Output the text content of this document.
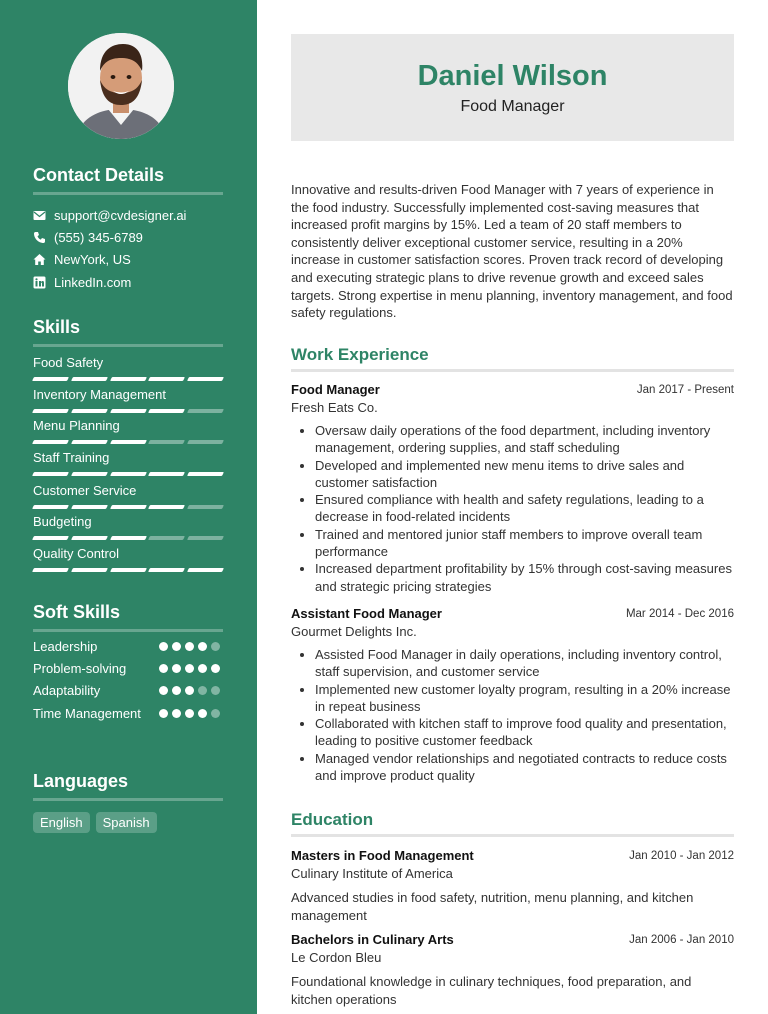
Contact Details
support@cvdesigner.ai
(555) 345-6789
NewYork, US
LinkedIn.com
Skills
Food Safety
Inventory Management
Menu Planning
Staff Training
Customer Service
Budgeting
Quality Control
Soft Skills
Leadership
Problem-solving
Adaptability
Time Management
Languages
English	Spanish
Daniel Wilson
Food Manager
Innovative and results-driven Food Manager with 7 years of experience in the food industry. Successfully implemented cost-saving measures that increased profit margins by 15%. Led a team of 20 staff members to consistently deliver exceptional customer service, resulting in a 20% increase in customer satisfaction scores. Proven track record of developing and executing strategic plans to drive revenue growth and exceed sales targets. Strong expertise in menu planning, inventory management, and food safety regulations.
Work Experience
Food Manager	Jan 2017 - Present
Fresh Eats Co.
• Oversaw daily operations of the food department, including inventory management, ordering supplies, and staff scheduling
• Developed and implemented new menu items to drive sales and customer satisfaction
• Ensured compliance with health and safety regulations, leading to a decrease in food-related incidents
• Trained and mentored junior staff members to improve overall team performance
• Increased department profitability by 15% through cost-saving measures and strategic pricing strategies
Assistant Food Manager	Mar 2014 - Dec 2016
Gourmet Delights Inc.
• Assisted Food Manager in daily operations, including inventory control, staff supervision, and customer service
• Implemented new customer loyalty program, resulting in a 20% increase in repeat business
• Collaborated with kitchen staff to improve food quality and presentation, leading to positive customer feedback
• Managed vendor relationships and negotiated contracts to reduce costs and improve product quality
Education
Masters in Food Management	Jan 2010 - Jan 2012
Culinary Institute of America
Advanced studies in food safety, nutrition, menu planning, and kitchen management
Bachelors in Culinary Arts	Jan 2006 - Jan 2010
Le Cordon Bleu
Foundational knowledge in culinary techniques, food preparation, and kitchen operations
